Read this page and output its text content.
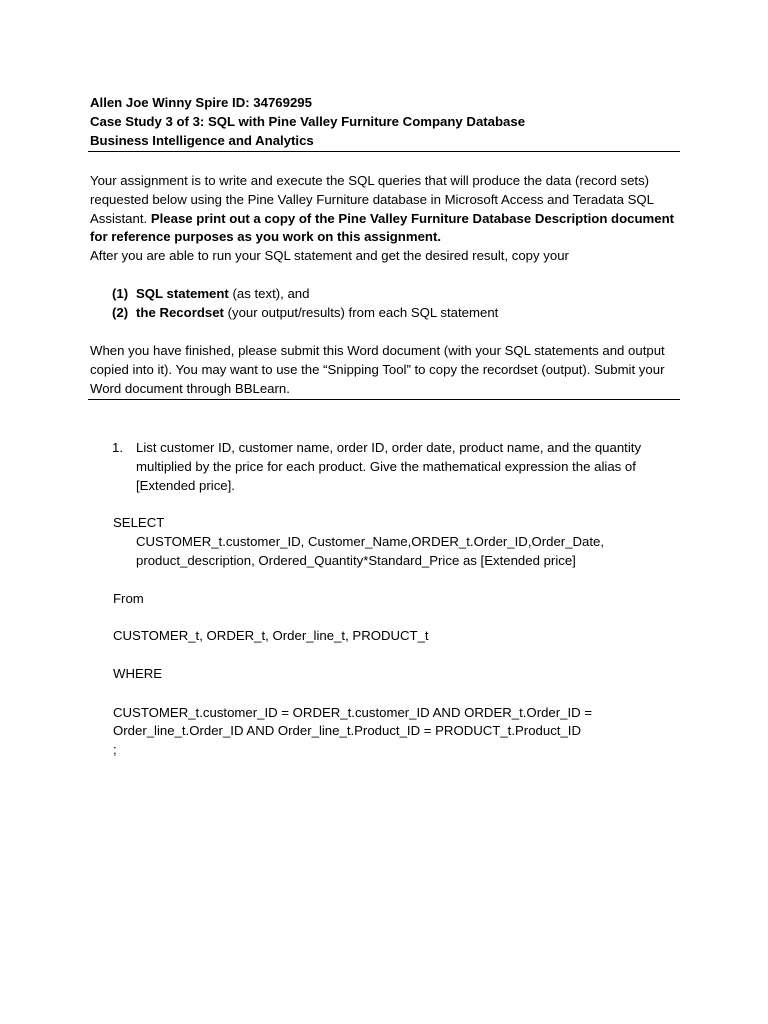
Allen Joe Winny Spire ID: 34769295
Case Study 3 of 3: SQL with Pine Valley Furniture Company Database
Business Intelligence and Analytics

Your assignment is to write and execute the SQL queries that will produce the data (record sets) requested below using the Pine Valley Furniture database in Microsoft Access and Teradata SQL Assistant. Please print out a copy of the Pine Valley Furniture Database Description document for reference purposes as you work on this assignment.

After you are able to run your SQL statement and get the desired result, copy your

(1) SQL statement (as text), and
(2) the Recordset (your output/results) from each SQL statement
When you have finished, please submit this Word document (with your SQL statements and output copied into it). You may want to use the “Snipping Tool” to copy the recordset (output). Submit your Word document through BBLearn.
1. List customer ID, customer name, order ID, order date, product name, and the quantity multiplied by the price for each product. Give the mathematical expression the alias of [Extended price].
SELECT
CUSTOMER_t.customer_ID, Customer_Name,ORDER_t.Order_ID,Order_Date,
product_description, Ordered_Quantity*Standard_Price as [Extended price]
From
CUSTOMER_t, ORDER_t, Order_line_t, PRODUCT_t
WHERE
CUSTOMER_t.customer_ID = ORDER_t.customer_ID AND ORDER_t.Order_ID =
Order_line_t.Order_ID AND Order_line_t.Product_ID = PRODUCT_t.Product_ID
;
